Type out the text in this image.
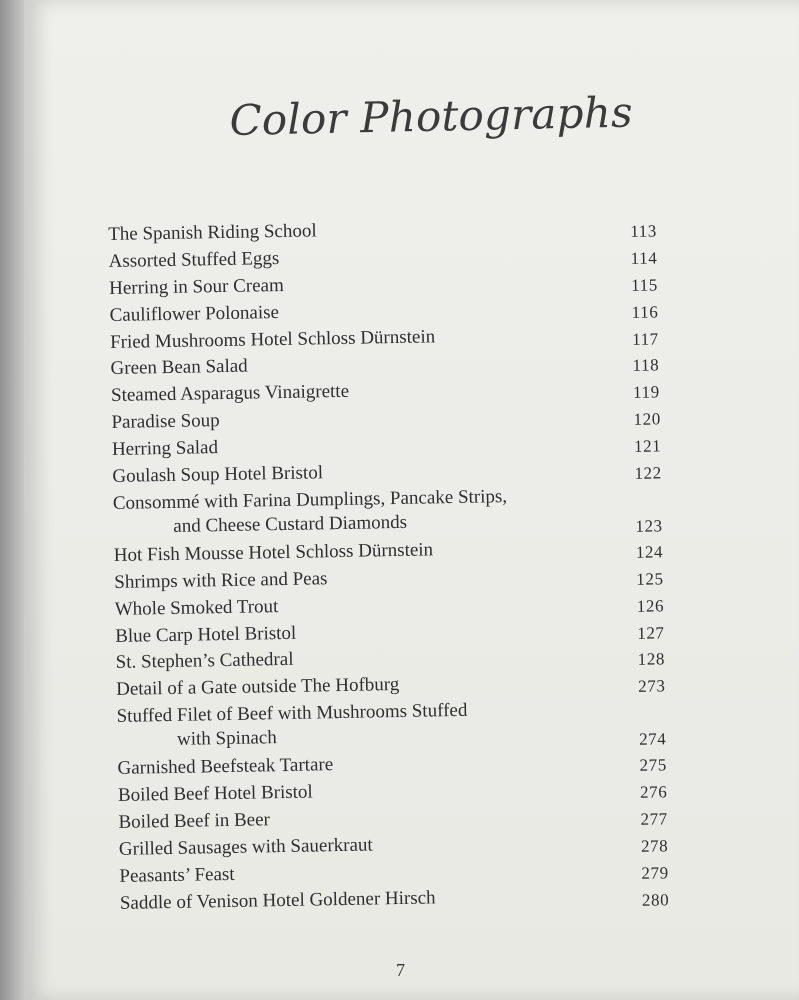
Color Photographs
The Spanish Riding School	113
Assorted Stuffed Eggs	114
Herring in Sour Cream	115
Cauliflower Polonaise	116
Fried Mushrooms Hotel Schloss Dürnstein	117
Green Bean Salad	118
Steamed Asparagus Vinaigrette	119
Paradise Soup	120
Herring Salad	121
Goulash Soup Hotel Bristol	122
Consommé with Farina Dumplings, Pancake Strips,
and Cheese Custard Diamonds	123
Hot Fish Mousse Hotel Schloss Dürnstein	124
Shrimps with Rice and Peas	125
Whole Smoked Trout	126
Blue Carp Hotel Bristol	127
St. Stephen’s Cathedral	128
Detail of a Gate outside The Hofburg	273
Stuffed Filet of Beef with Mushrooms Stuffed
with Spinach	274
Garnished Beefsteak Tartare	275
Boiled Beef Hotel Bristol	276
Boiled Beef in Beer	277
Grilled Sausages with Sauerkraut	278
Peasants’ Feast	279
Saddle of Venison Hotel Goldener Hirsch	280
7
